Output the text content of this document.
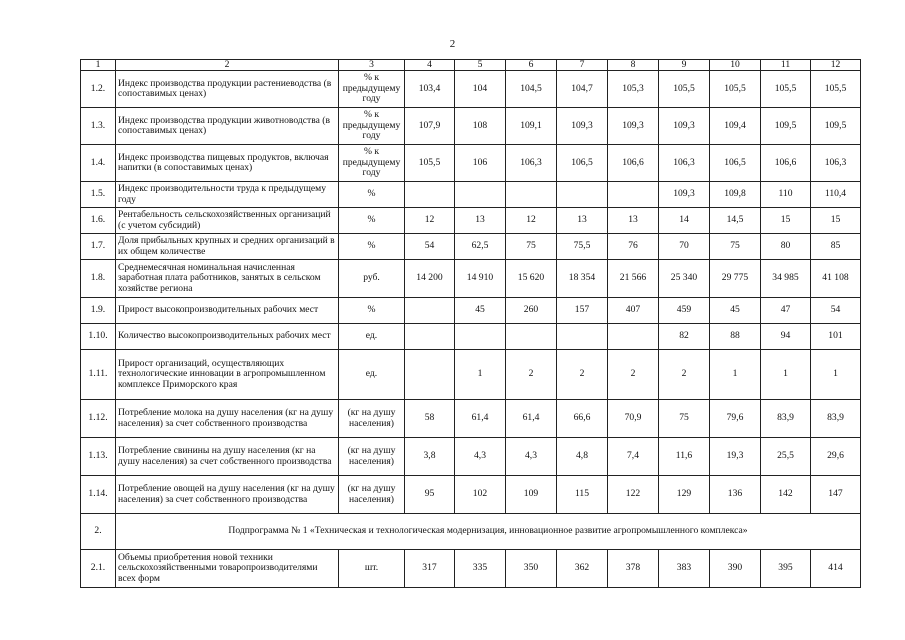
2
1	2	3	4	5	6	7	8	9	10	11	12
1.2.	Индекс производства продукции растениеводства (в сопоставимых ценах)	% к предыдущему году	103,4	104	104,5	104,7	105,3	105,5	105,5	105,5	105,5
1.3.	Индекс производства продукции животноводства (в сопоставимых ценах)	% к предыдущему году	107,9	108	109,1	109,3	109,3	109,3	109,4	109,5	109,5
1.4.	Индекс производства пищевых продуктов, включая напитки (в сопоставимых ценах)	% к предыдущему году	105,5	106	106,3	106,5	106,6	106,3	106,5	106,6	106,3
1.5.	Индекс производительности труда к предыдущему году	%						109,3	109,8	110	110,4
1.6.	Рентабельность сельскохозяйственных организаций (с учетом субсидий)	%	12	13	12	13	13	14	14,5	15	15
1.7.	Доля прибыльных крупных и средних организаций в их общем количестве	%	54	62,5	75	75,5	76	70	75	80	85
1.8.	Среднемесячная номинальная начисленная заработная плата работников, занятых в сельском хозяйстве региона	руб.	14 200	14 910	15 620	18 354	21 566	25 340	29 775	34 985	41 108
1.9.	Прирост высокопроизводительных рабочих мест	%		45	260	157	407	459	45	47	54
1.10.	Количество высокопроизводительных рабочих мест	ед.						82	88	94	101
1.11.	Прирост организаций, осуществляющих технологические инновации в агропромышленном комплексе Приморского края	ед.		1	2	2	2	2	1	1	1
1.12.	Потребление молока на душу населения (кг на душу населения) за счет собственного производства	(кг на душу населения)	58	61,4	61,4	66,6	70,9	75	79,6	83,9	83,9
1.13.	Потребление свинины на душу населения (кг на душу населения) за счет собственного производства	(кг на душу населения)	3,8	4,3	4,3	4,8	7,4	11,6	19,3	25,5	29,6
1.14.	Потребление овощей на душу населения (кг на душу населения) за счет собственного производства	(кг на душу населения)	95	102	109	115	122	129	136	142	147
2.	Подпрограмма № 1 «Техническая и технологическая модернизация, инновационное развитие агропромышленного комплекса»										
2.1.	Объемы приобретения новой техники сельскохозяйственными товаропроизводителями всех форм	шт.	317	335	350	362	378	383	390	395	414
